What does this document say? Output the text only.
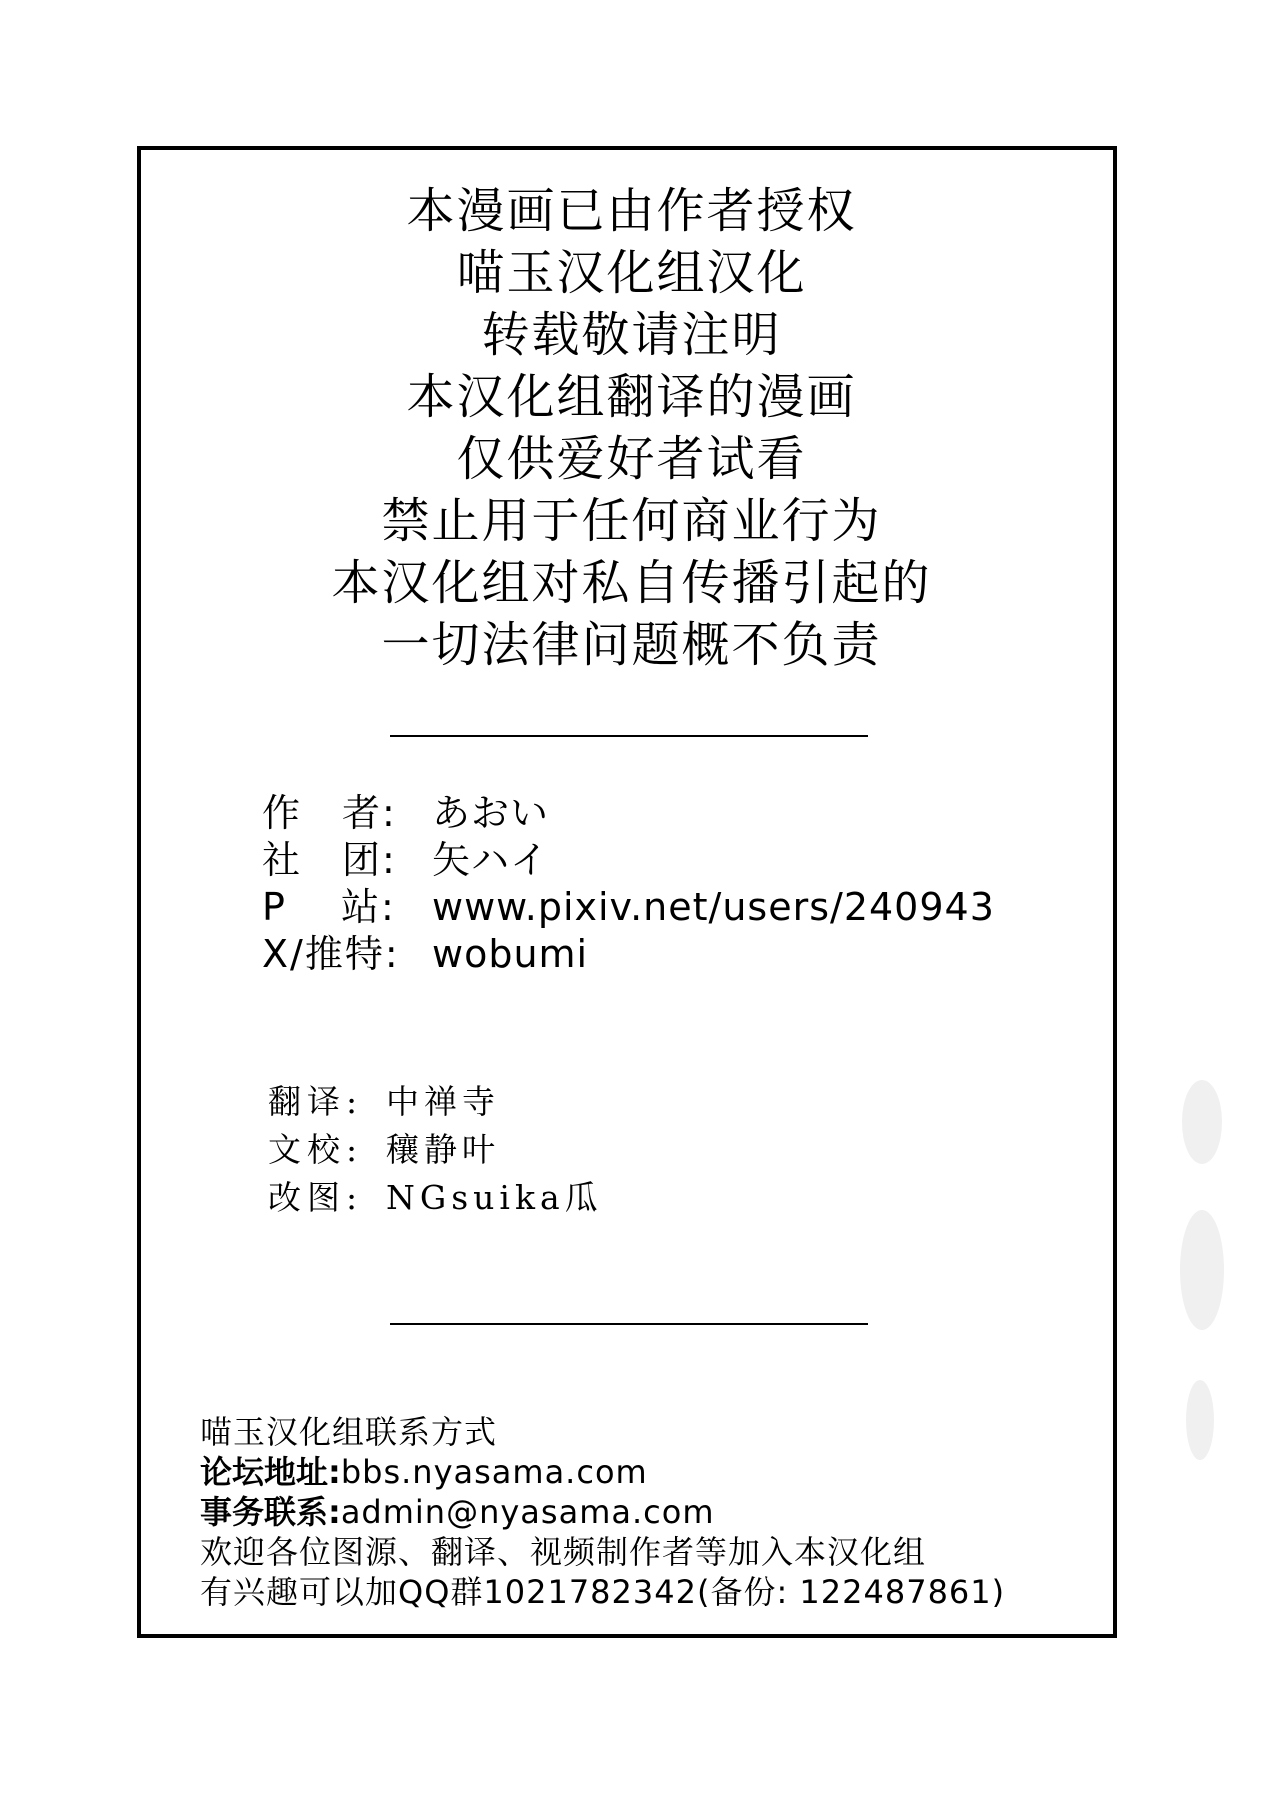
本漫画已由作者授权
喵玉汉化组汉化
转载敬请注明
本汉化组翻译的漫画
仅供爱好者试看
禁止用于任何商业行为
本汉化组对私自传播引起的
一切法律问题概不负责
作　者: あおい
社　团: 矢ハイ
P　 站: www.pixiv.net/users/240943
X/推特: wobumi
翻译: 中禅寺
文校: 穰静叶
改图: NGsuika瓜
喵玉汉化组联系方式
论坛地址:bbs.nyasama.com
事务联系:admin@nyasama.com
欢迎各位图源、翻译、视频制作者等加入本汉化组
有兴趣可以加QQ群1021782342(备份: 122487861)
